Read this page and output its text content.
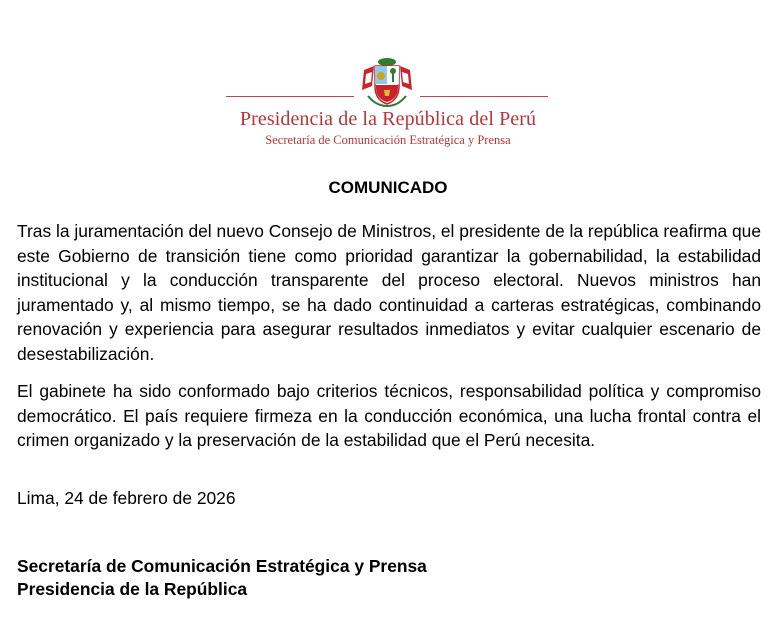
Presidencia de la República del Perú
Secretaría de Comunicación Estratégica y Prensa
COMUNICADO

Tras la juramentación del nuevo Consejo de Ministros, el presidente de la república reafirma que este Gobierno de transición tiene como prioridad garantizar la gobernabilidad, la estabilidad institucional y la conducción transparente del proceso electoral. Nuevos ministros han juramentado y, al mismo tiempo, se ha dado continuidad a carteras estratégicas, combinando renovación y experiencia para asegurar resultados inmediatos y evitar cualquier escenario de desestabilización.

El gabinete ha sido conformado bajo criterios técnicos, responsabilidad política y compromiso democrático. El país requiere firmeza en la conducción económica, una lucha frontal contra el crimen organizado y la preservación de la estabilidad que el Perú necesita.

Lima, 24 de febrero de 2026
Secretaría de Comunicación Estratégica y Prensa
Presidencia de la República
